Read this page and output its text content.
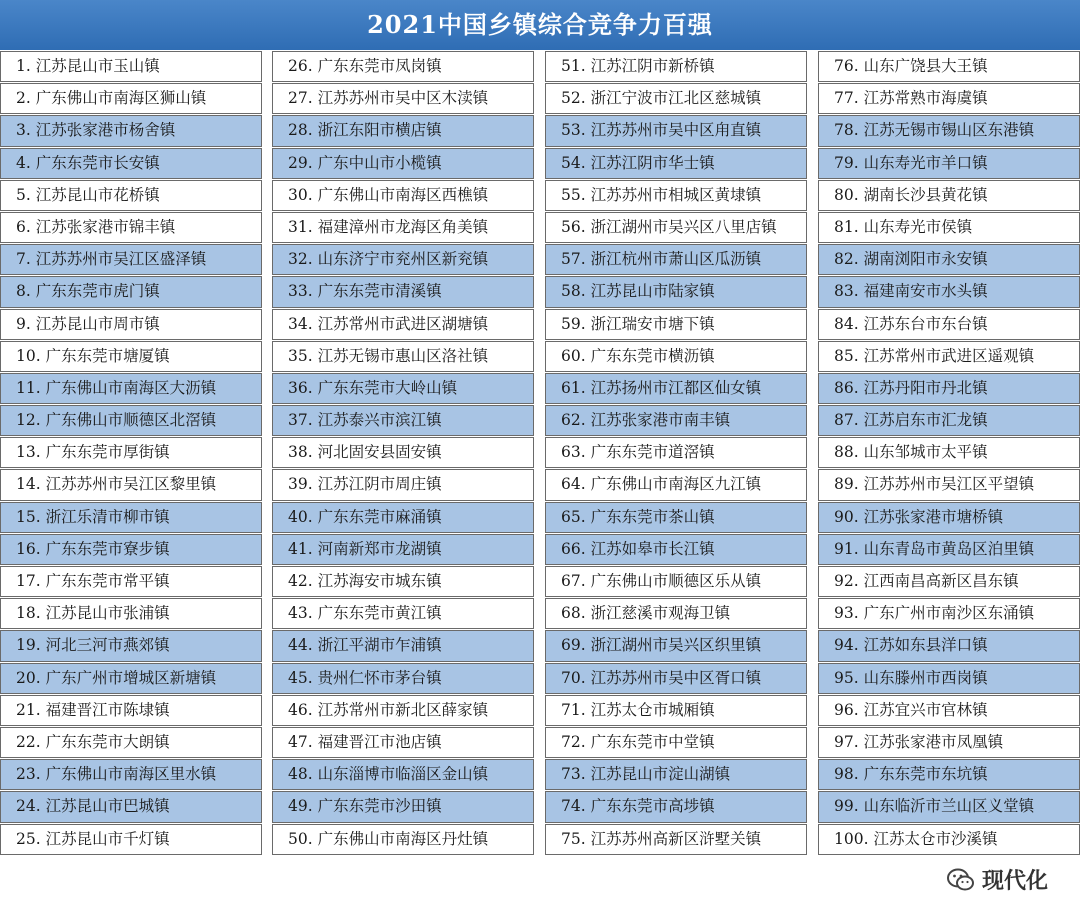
2021中国乡镇综合竞争力百强
1. 江苏昆山市玉山镇
2. 广东佛山市南海区狮山镇
3. 江苏张家港市杨舍镇
4. 广东东莞市长安镇
5. 江苏昆山市花桥镇
6. 江苏张家港市锦丰镇
7. 江苏苏州市吴江区盛泽镇
8. 广东东莞市虎门镇
9. 江苏昆山市周市镇
10. 广东东莞市塘厦镇
11. 广东佛山市南海区大沥镇
12. 广东佛山市顺德区北滘镇
13. 广东东莞市厚街镇
14. 江苏苏州市吴江区黎里镇
15. 浙江乐清市柳市镇
16. 广东东莞市寮步镇
17. 广东东莞市常平镇
18. 江苏昆山市张浦镇
19. 河北三河市燕郊镇
20. 广东广州市增城区新塘镇
21. 福建晋江市陈埭镇
22. 广东东莞市大朗镇
23. 广东佛山市南海区里水镇
24. 江苏昆山市巴城镇
25. 江苏昆山市千灯镇
26. 广东东莞市凤岗镇
27. 江苏苏州市吴中区木渎镇
28. 浙江东阳市横店镇
29. 广东中山市小榄镇
30. 广东佛山市南海区西樵镇
31. 福建漳州市龙海区角美镇
32. 山东济宁市兖州区新兖镇
33. 广东东莞市清溪镇
34. 江苏常州市武进区湖塘镇
35. 江苏无锡市惠山区洛社镇
36. 广东东莞市大岭山镇
37. 江苏泰兴市滨江镇
38. 河北固安县固安镇
39. 江苏江阴市周庄镇
40. 广东东莞市麻涌镇
41. 河南新郑市龙湖镇
42. 江苏海安市城东镇
43. 广东东莞市黄江镇
44. 浙江平湖市乍浦镇
45. 贵州仁怀市茅台镇
46. 江苏常州市新北区薛家镇
47. 福建晋江市池店镇
48. 山东淄博市临淄区金山镇
49. 广东东莞市沙田镇
50. 广东佛山市南海区丹灶镇
51. 江苏江阴市新桥镇
52. 浙江宁波市江北区慈城镇
53. 江苏苏州市吴中区甪直镇
54. 江苏江阴市华士镇
55. 江苏苏州市相城区黄埭镇
56. 浙江湖州市吴兴区八里店镇
57. 浙江杭州市萧山区瓜沥镇
58. 江苏昆山市陆家镇
59. 浙江瑞安市塘下镇
60. 广东东莞市横沥镇
61. 江苏扬州市江都区仙女镇
62. 江苏张家港市南丰镇
63. 广东东莞市道滘镇
64. 广东佛山市南海区九江镇
65. 广东东莞市茶山镇
66. 江苏如皋市长江镇
67. 广东佛山市顺德区乐从镇
68. 浙江慈溪市观海卫镇
69. 浙江湖州市吴兴区织里镇
70. 江苏苏州市吴中区胥口镇
71. 江苏太仓市城厢镇
72. 广东东莞市中堂镇
73. 江苏昆山市淀山湖镇
74. 广东东莞市高埗镇
75. 江苏苏州高新区浒墅关镇
76. 山东广饶县大王镇
77. 江苏常熟市海虞镇
78. 江苏无锡市锡山区东港镇
79. 山东寿光市羊口镇
80. 湖南长沙县黄花镇
81. 山东寿光市侯镇
82. 湖南浏阳市永安镇
83. 福建南安市水头镇
84. 江苏东台市东台镇
85. 江苏常州市武进区遥观镇
86. 江苏丹阳市丹北镇
87. 江苏启东市汇龙镇
88. 山东邹城市太平镇
89. 江苏苏州市吴江区平望镇
90. 江苏张家港市塘桥镇
91. 山东青岛市黄岛区泊里镇
92. 江西南昌高新区昌东镇
93. 广东广州市南沙区东涌镇
94. 江苏如东县洋口镇
95. 山东滕州市西岗镇
96. 江苏宜兴市官林镇
97. 江苏张家港市凤凰镇
98. 广东东莞市东坑镇
99. 山东临沂市兰山区义堂镇
100. 江苏太仓市沙溪镇
现代化
